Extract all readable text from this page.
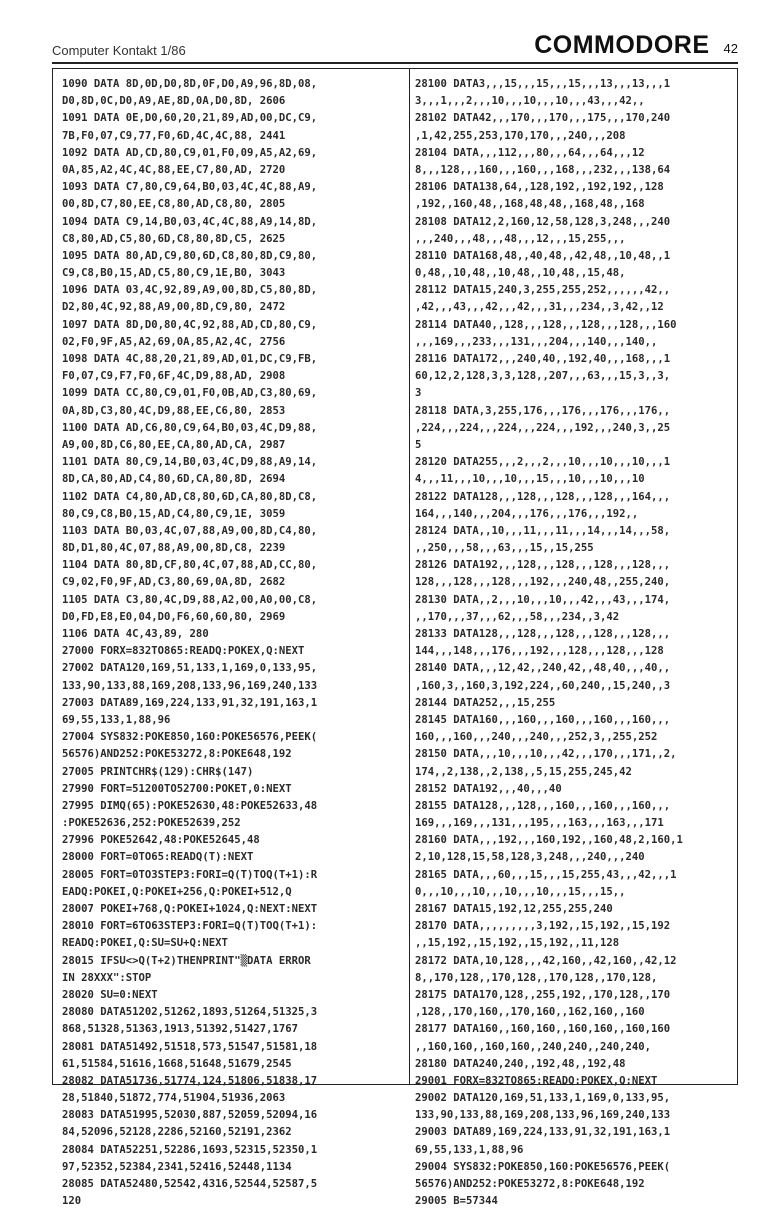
Computer Kontakt 1/86	COMMODORE 42
1090 DATA 8D,0D,D0,8D,0F,D0,A9,96,8D,08,
D0,8D,0C,D0,A9,AE,8D,0A,D0,8D, 2606
1091 DATA 0E,D0,60,20,21,89,AD,00,DC,C9,
7B,F0,07,C9,77,F0,6D,4C,4C,88, 2441
1092 DATA AD,CD,80,C9,01,F0,09,A5,A2,69,
0A,85,A2,4C,4C,88,EE,C7,80,AD, 2720
1093 DATA C7,80,C9,64,B0,03,4C,4C,88,A9,
00,8D,C7,80,EE,C8,80,AD,C8,80, 2805
1094 DATA C9,14,B0,03,4C,4C,88,A9,14,8D,
C8,80,AD,C5,80,6D,C8,80,8D,C5, 2625
1095 DATA 80,AD,C9,80,6D,C8,80,8D,C9,80,
C9,C8,B0,15,AD,C5,80,C9,1E,B0, 3043
1096 DATA 03,4C,92,89,A9,00,8D,C5,80,8D,
D2,80,4C,92,88,A9,00,8D,C9,80, 2472
1097 DATA 8D,D0,80,4C,92,88,AD,CD,80,C9,
02,F0,9F,A5,A2,69,0A,85,A2,4C, 2756
1098 DATA 4C,88,20,21,89,AD,01,DC,C9,FB,
F0,07,C9,F7,F0,6F,4C,D9,88,AD, 2908
1099 DATA CC,80,C9,01,F0,0B,AD,C3,80,69,
0A,8D,C3,80,4C,D9,88,EE,C6,80, 2853
1100 DATA AD,C6,80,C9,64,B0,03,4C,D9,88,
A9,00,8D,C6,80,EE,CA,80,AD,CA, 2987
1101 DATA 80,C9,14,B0,03,4C,D9,88,A9,14,
8D,CA,80,AD,C4,80,6D,CA,80,8D, 2694
1102 DATA C4,80,AD,C8,80,6D,CA,80,8D,C8,
80,C9,C8,B0,15,AD,C4,80,C9,1E, 3059
1103 DATA B0,03,4C,07,88,A9,00,8D,C4,80,
8D,D1,80,4C,07,88,A9,00,8D,C8, 2239
1104 DATA 80,8D,CF,80,4C,07,88,AD,CC,80,
C9,02,F0,9F,AD,C3,80,69,0A,8D, 2682
1105 DATA C3,80,4C,D9,88,A2,00,A0,00,C8,
D0,FD,E8,E0,04,D0,F6,60,60,80, 2969
1106 DATA 4C,43,89, 280
27000 FORX=832TO865:READQ:POKEX,Q:NEXT
27002 DATA120,169,51,133,1,169,0,133,95,
133,90,133,88,169,208,133,96,169,240,133
27003 DATA89,169,224,133,91,32,191,163,1
69,55,133,1,88,96
27004 SYS832:POKE850,160:POKE56576,PEEK(
56576)AND252:POKE53272,8:POKE648,192
27005 PRINTCHR$(129):CHR$(147)
27990 FORT=51200TO52700:POKET,0:NEXT
27995 DIMQ(65):POKE52630,48:POKE52633,48
:POKE52636,252:POKE52639,252
27996 POKE52642,48:POKE52645,48
28000 FORT=0TO65:READQ(T):NEXT
28005 FORT=0TO3STEP3:FORI=Q(T)TOQ(T+1):R
EADQ:POKEI,Q:POKEI+256,Q:POKEI+512,Q
28007 POKEI+768,Q:POKEI+1024,Q:NEXT:NEXT
28010 FORT=6TO63STEP3:FORI=Q(T)TOQ(T+1):
READQ:POKEI,Q:SU=SU+Q:NEXT
28015 IFSU<>Q(T+2)THENPRINT"▒DATA ERROR
IN 28XXX":STOP
28020 SU=0:NEXT
28080 DATA51202,51262,1893,51264,51325,3
868,51328,51363,1913,51392,51427,1767
28081 DATA51492,51518,573,51547,51581,18
61,51584,51616,1668,51648,51679,2545
28082 DATA51736,51774,124,51806,51838,17
28,51840,51872,774,51904,51936,2063
28083 DATA51995,52030,887,52059,52094,16
84,52096,52128,2286,52160,52191,2362
28084 DATA52251,52286,1693,52315,52350,1
97,52352,52384,2341,52416,52448,1134
28085 DATA52480,52542,4316,52544,52587,5
120
28100 DATA3,,,15,,,15,,,15,,,13,,,13,,,1
3,,,1,,,2,,,10,,,10,,,10,,,43,,,42,,
28102 DATA42,,,170,,,170,,,175,,,170,240
,1,42,255,253,170,170,,,240,,,208
28104 DATA,,,112,,,80,,,64,,,64,,,12
8,,,128,,,160,,,160,,,168,,,232,,,138,64
28106 DATA138,64,,128,192,,192,192,,128
,192,,160,48,,168,48,48,,168,48,,168
28108 DATA12,2,160,12,58,128,3,248,,,240
,,,240,,,48,,,48,,,12,,,15,255,,,
28110 DATA168,48,,40,48,,42,48,,10,48,,1
0,48,,10,48,,10,48,,10,48,,15,48,
28112 DATA15,240,3,255,255,252,,,,,,42,,
,42,,,43,,,42,,,42,,,31,,,234,,3,42,,12
28114 DATA40,,128,,,128,,,128,,,128,,,160
,,,169,,,233,,,131,,,204,,,140,,,140,,
28116 DATA172,,,240,40,,192,40,,,168,,,1
60,12,2,128,3,3,128,,207,,,63,,,15,3,,3,
3
28118 DATA,3,255,176,,,176,,,176,,,176,,
,224,,,224,,,224,,,224,,,192,,,240,3,,25
5
28120 DATA255,,,2,,,2,,,10,,,10,,,10,,,1
4,,,11,,,10,,,10,,,15,,,10,,,10,,,10
28122 DATA128,,,128,,,128,,,128,,,164,,,
164,,,140,,,204,,,176,,,176,,,192,,
28124 DATA,,10,,,11,,,11,,,14,,,14,,,58,
,,250,,,58,,,63,,,15,,15,255
28126 DATA192,,,128,,,128,,,128,,,128,,,
128,,,128,,,128,,,192,,,240,48,,255,240,
28130 DATA,,2,,,10,,,10,,,42,,,43,,,174,
,,170,,,37,,,62,,,58,,,234,,3,42
28133 DATA128,,,128,,,128,,,128,,,128,,,
144,,,148,,,176,,,192,,,128,,,128,,,128
28140 DATA,,,12,42,,240,42,,48,40,,,40,,
,160,3,,160,3,192,224,,60,240,,15,240,,3
28144 DATA252,,,15,255
28145 DATA160,,,160,,,160,,,160,,,160,,,
160,,,160,,,240,,,240,,,252,3,,255,252
28150 DATA,,,10,,,10,,,42,,,170,,,171,,2,
174,,2,138,,2,138,,5,15,255,245,42
28152 DATA192,,,40,,,40
28155 DATA128,,,128,,,160,,,160,,,160,,,
169,,,169,,,131,,,195,,,163,,,163,,,171
28160 DATA,,,192,,,160,192,,160,48,2,160,1
2,10,128,15,58,128,3,248,,,240,,,240
28165 DATA,,,60,,,15,,,15,255,43,,,42,,,1
0,,,10,,,10,,,10,,,10,,,15,,,15,,
28167 DATA15,192,12,255,255,240
28170 DATA,,,,,,,,,3,192,,15,192,,15,192
,,15,192,,15,192,,15,192,,11,128
28172 DATA,10,128,,,42,160,,42,160,,42,12
8,,170,128,,170,128,,170,128,,170,128,
28175 DATA170,128,,255,192,,170,128,,170
,128,,170,160,,170,160,,162,160,,160
28177 DATA160,,160,160,,160,160,,160,160
,,160,160,,160,160,,240,240,,240,240,
28180 DATA240,240,,192,48,,192,48
29001 FORX=832TO865:READQ:POKEX,Q:NEXT
29002 DATA120,169,51,133,1,169,0,133,95,
133,90,133,88,169,208,133,96,169,240,133
29003 DATA89,169,224,133,91,32,191,163,1
69,55,133,1,88,96
29004 SYS832:POKE850,160:POKE56576,PEEK(
56576)AND252:POKE53272,8:POKE648,192
29005 B=57344
